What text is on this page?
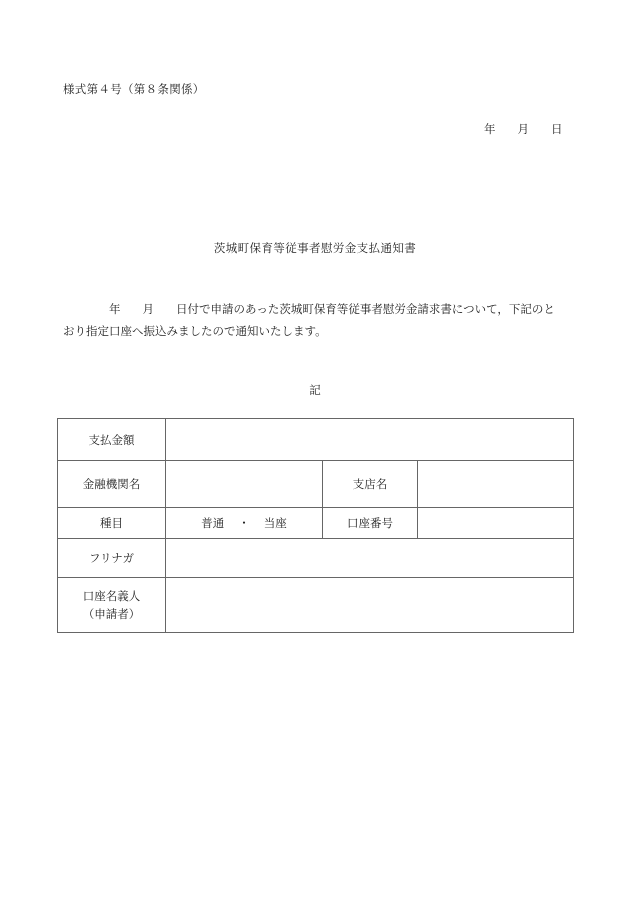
様式第４号（第８条関係）
年 月 日
茨城町保育等従事者慰労金支払通知書
年 月 日付で申請のあった茨城町保育等従事者慰労金請求書について，下記のと
おり指定口座へ振込みましたので通知いたします。
記
支払金額			
金融機関名		支店名	
種目	普通 ・ 当座	口座番号	
フリナガ			

口座名義人
（申請者）			
